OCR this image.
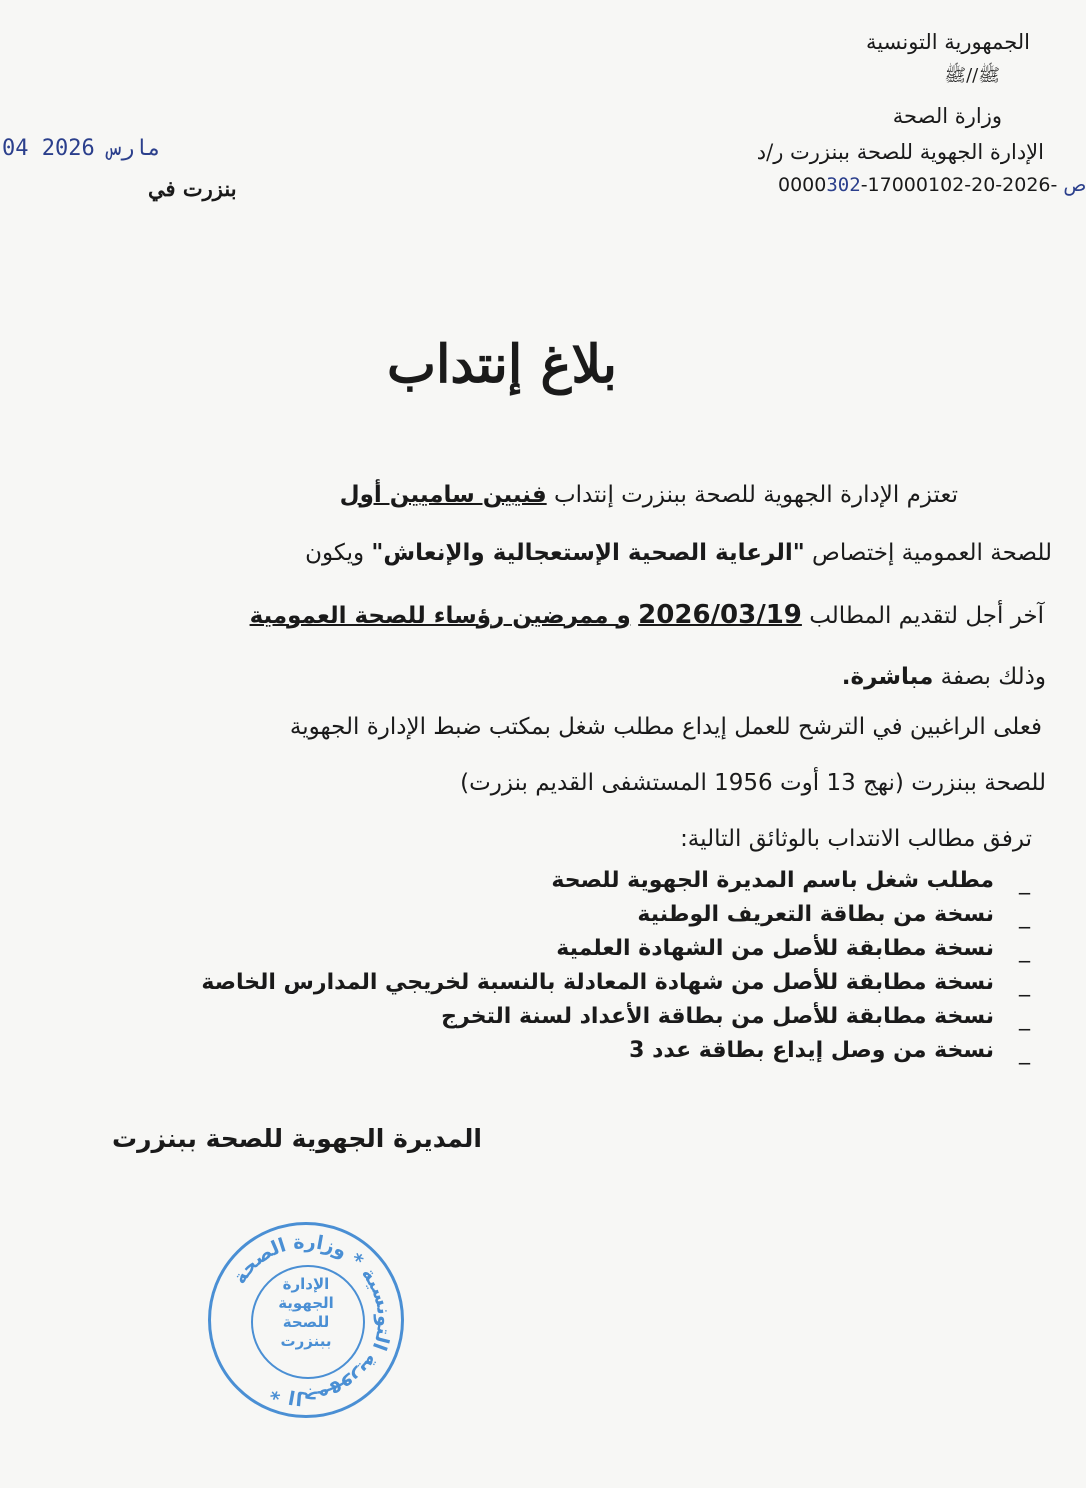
الجمهورية التونسية
ﷺ//ﷺ
وزارة الصحة
الإدارة الجهوية للصحة ببنزرت ر/د
0000302-17000102-20-2026- ص
04 مارس 2026
بنزرت في
بلاغ إنتداب
تعتزم الإدارة الجهوية للصحة ببنزرت إنتداب فنيين ساميين أول
للصحة العمومية إختصاص "الرعاية الصحية الإستعجالية والإنعاش" ويكون
آخر أجل لتقديم المطالب 2026/03/19 و ممرضين رؤساء للصحة العمومية
وذلك بصفة مباشرة.
فعلى الراغبين في الترشح للعمل إيداع مطلب شغل بمكتب ضبط الإدارة الجهوية
للصحة ببنزرت (نهج 13 أوت 1956 المستشفى القديم بنزرت)
ترفق مطالب الانتداب بالوثائق التالية:
_
مطلب شغل باسم المديرة الجهوية للصحة
_
نسخة من بطاقة التعريف الوطنية
_
نسخة مطابقة للأصل من الشهادة العلمية
_
نسخة مطابقة للأصل من شهادة المعادلة بالنسبة لخريجي المدارس الخاصة
_
نسخة مطابقة للأصل من بطاقة الأعداد لسنة التخرج
_
نسخة من وصل إيداع بطاقة عدد 3
المديرة الجهوية للصحة ببنزرت
الجمهورية التونسية * وزارة الصحة *
الإدارة
الجهوية
للصحة
ببنزرت
